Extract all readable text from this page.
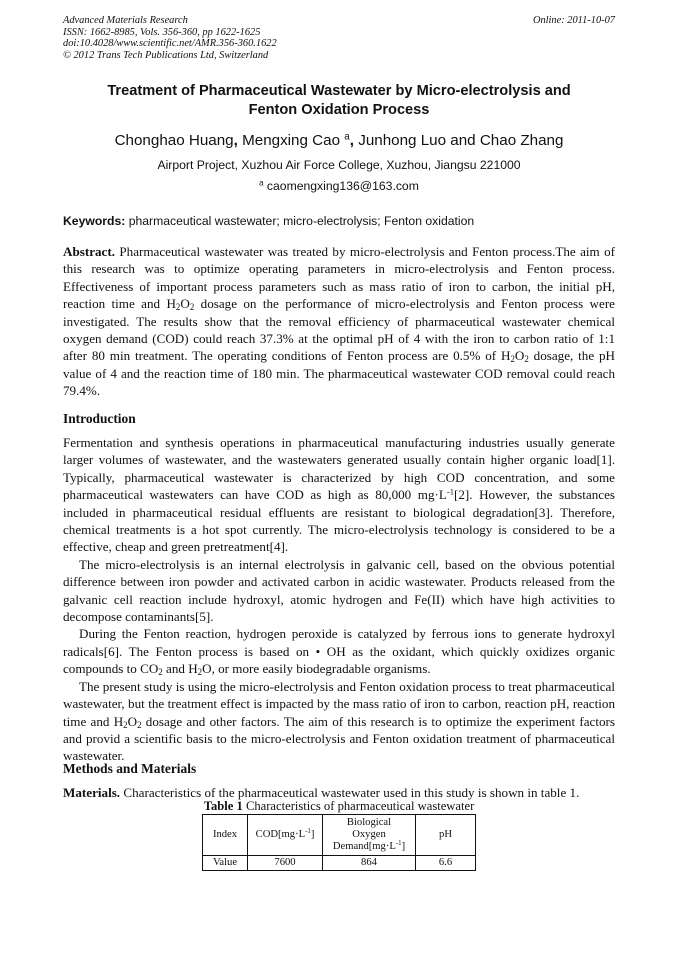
Advanced Materials Research
ISSN: 1662-8985, Vols. 356-360, pp 1622-1625
doi:10.4028/www.scientific.net/AMR.356-360.1622
© 2012 Trans Tech Publications Ltd, Switzerland
Online: 2011-10-07
Treatment of Pharmaceutical Wastewater by Micro-electrolysis and
Fenton Oxidation Process
Chonghao Huang, Mengxing Cao $^a$, Junhong Luo and Chao Zhang
Airport Project, Xuzhou Air Force College, Xuzhou, Jiangsu 221000
$^a$ caomengxing136@163.com
Keywords: pharmaceutical wastewater; micro-electrolysis; Fenton oxidation
Abstract. Pharmaceutical wastewater was treated by micro-electrolysis and Fenton process.The aim of this research was to optimize operating parameters in micro-electrolysis and Fenton process. Effectiveness of important process parameters such as mass ratio of iron to carbon, the initial pH, reaction time and $H_2O_2$ dosage on the performance of micro-electrolysis and Fenton process were investigated. The results show that the removal efficiency of pharmaceutical wastewater chemical oxygen demand (COD) could reach 37.3% at the optimal pH of 4 with the iron to carbon ratio of 1:1 after 80 min treatment. The operating conditions of Fenton process are 0.5% of $H_2O_2$ dosage, the pH value of 4 and the reaction time of 180 min. The pharmaceutical wastewater COD removal could reach 79.4%.
Introduction

Fermentation and synthesis operations in pharmaceutical manufacturing industries usually generate larger volumes of wastewater, and the wastewaters generated usually contain higher organic load[1]. Typically, pharmaceutical wastewater is characterized by high COD concentration, and some pharmaceutical wastewaters can have COD as high as 80,000 $mg\cdot L^{-1}[2]$. However, the substances included in pharmaceutical residual effluents are resistant to biological degradation[3]. Therefore, chemical treatments is a hot spot currently. The micro-electrolysis technology is considered to be a effective, cheap and green pretreatment[4].

The micro-electrolysis is an internal electrolysis in galvanic cell, based on the obvious potential difference between iron powder and activated carbon in acidic wastewater. Products released from the galvanic cell reaction include hydroxyl, atomic hydrogen and Fe(II) which have high activities to decompose contaminants[5].

During the Fenton reaction, hydrogen peroxide is catalyzed by ferrous ions to generate hydroxyl radicals[6]. The Fenton process is based on • OH as the oxidant, which quickly oxidizes organic compounds to $CO_2$ and $H_2O$, or more easily biodegradable organisms.

The present study is using the micro-electrolysis and Fenton oxidation process to treat pharmaceutical wastewater, but the treatment effect is impacted by the mass ratio of iron to carbon, reaction pH, reaction time and $H_2O_2$ dosage and other factors. The aim of this research is to optimize the experiment factors and provid a scientific basis to the micro-electrolysis and Fenton oxidation treatment of pharmaceutical wastewater.

Methods and Materials
Materials. Characteristics of the pharmaceutical wastewater used in this study is shown in table 1.
Table 1 Characteristics of pharmaceutical wastewater
Index	$COD[mg\cdot L^{-1}]$	Biological
Oxygen
$Demand[mg\cdot L^{-1}]$	pH
Value	7600	864	6.6
